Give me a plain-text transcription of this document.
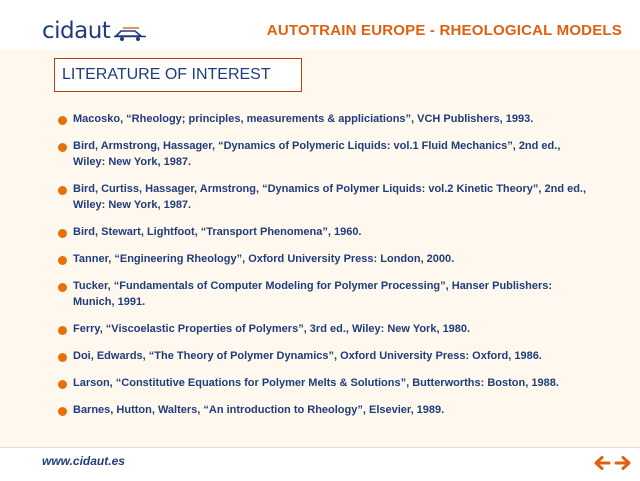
cidaut	AUTOTRAIN EUROPE - RHEOLOGICAL MODELS
LITERATURE OF INTEREST
Macosko, “Rheology; principles, measurements & appliciations”, VCH Publishers, 1993.
Bird, Armstrong, Hassager, “Dynamics of Polymeric Liquids: vol.1 Fluid Mechanics”, 2nd ed.,
Wiley: New York, 1987.
Bird, Curtiss, Hassager, Armstrong, “Dynamics of Polymer Liquids: vol.2 Kinetic Theory”, 2nd ed.,
Wiley: New York, 1987.
Bird, Stewart, Lightfoot, “Transport Phenomena”, 1960.
Tanner, “Engineering Rheology”, Oxford University Press: London, 2000.
Tucker, “Fundamentals of Computer Modeling for Polymer Processing”, Hanser Publishers:
Munich, 1991.
Ferry, “Viscoelastic Properties of Polymers”, 3rd ed., Wiley: New York, 1980.
Doi, Edwards, “The Theory of Polymer Dynamics”, Oxford University Press: Oxford, 1986.
Larson, “Constitutive Equations for Polymer Melts & Solutions”, Butterworths: Boston, 1988.
Barnes, Hutton, Walters, “An introduction to Rheology”, Elsevier, 1989.
www.cidaut.es
